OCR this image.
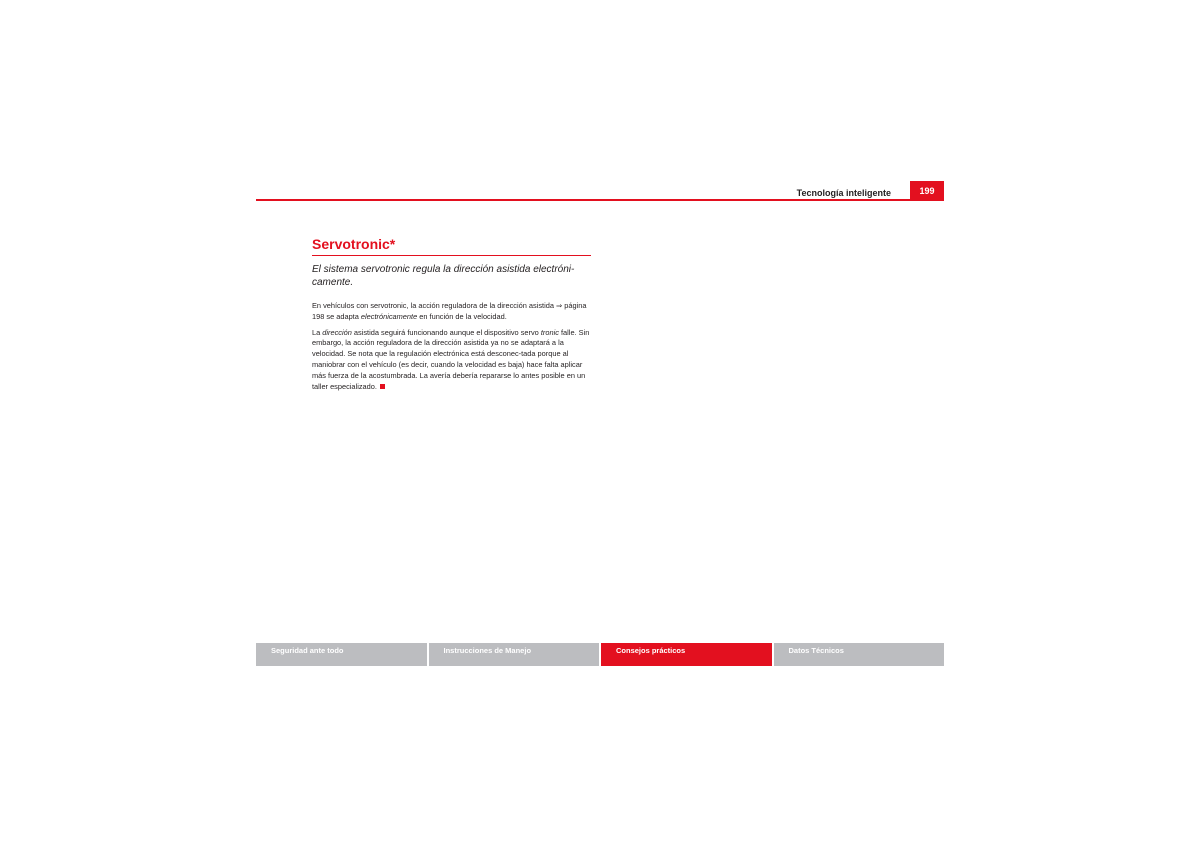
Tecnología inteligente	199
Servotronic*

El sistema servotronic regula la dirección asistida electróni-camente.

En vehículos con servotronic, la acción reguladora de la dirección asistida ⇒ página 198 se adapta electrónicamente en función de la velocidad.

La dirección asistida seguirá funcionando aunque el dispositivo servo tronic falle. Sin embargo, la acción reguladora de la dirección asistida ya no se adaptará a la velocidad. Se nota que la regulación electrónica está desconec-tada porque al maniobrar con el vehículo (es decir, cuando la velocidad es baja) hace falta aplicar más fuerza de la acostumbrada. La avería debería repararse lo antes posible en un taller especializado.

Seguridad ante todo	Instrucciones de Manejo	Consejos prácticos	Datos Técnicos
